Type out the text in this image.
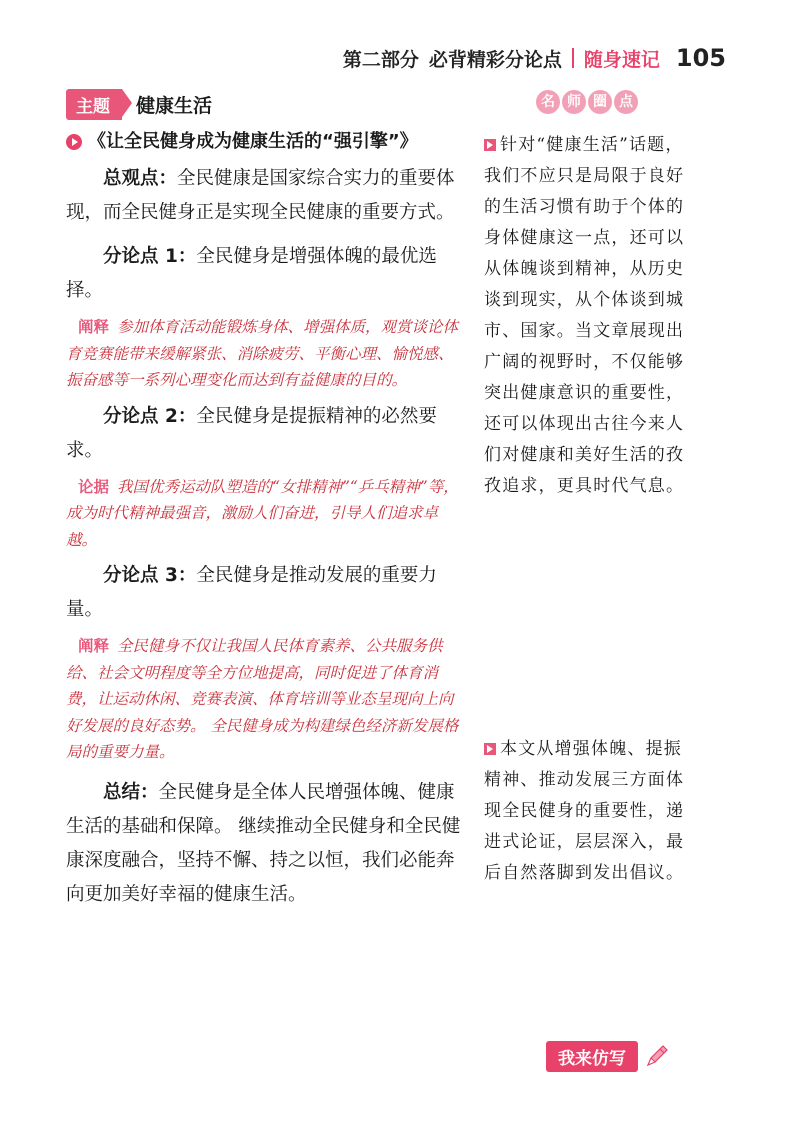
第二部分 必背精彩分论点 随身速记 105
主题	健康生活
《让全民健身成为健康生活的“强引擎”》

总观点：全民健康是国家综合实力的重要体现，而全民健身正是实现全民健康的重要方式。

分论点 1：全民健身是增强体魄的最优选择。

阐释 参加体育活动能锻炼身体、增强体质，观赏谈论体育竞赛能带来缓解紧张、消除疲劳、平衡心理、愉悦感、振奋感等一系列心理变化而达到有益健康的目的。

分论点 2：全民健身是提振精神的必然要求。

论据 我国优秀运动队塑造的“女排精神”“乒乓精神”等，成为时代精神最强音，激励人们奋进，引导人们追求卓越。

分论点 3：全民健身是推动发展的重要力量。

阐释 全民健身不仅让我国人民体育素养、公共服务供给、社会文明程度等全方位地提高，同时促进了体育消费，让运动休闲、竞赛表演、体育培训等业态呈现向上向好发展的良好态势。 全民健身成为构建绿色经济新发展格局的重要力量。

总结：全民健身是全体人民增强体魄、健康生活的基础和保障。 继续推动全民健身和全民健康深度融合，坚持不懈、持之以恒，我们必能奔向更加美好幸福的健康生活。

名 师 圈 点

针对“健康生活”话题，我们不应只是局限于良好的生活习惯有助于个体的身体健康这一点，还可以从体魄谈到精神，从历史谈到现实，从个体谈到城市、国家。当文章展现出广阔的视野时，不仅能够突出健康意识的重要性，还可以体现出古往今来人们对健康和美好生活的孜孜追求，更具时代气息。

本文从增强体魄、提振精神、推动发展三方面体现全民健身的重要性，递进式论证，层层深入，最后自然落脚到发出倡议。

我来仿写
